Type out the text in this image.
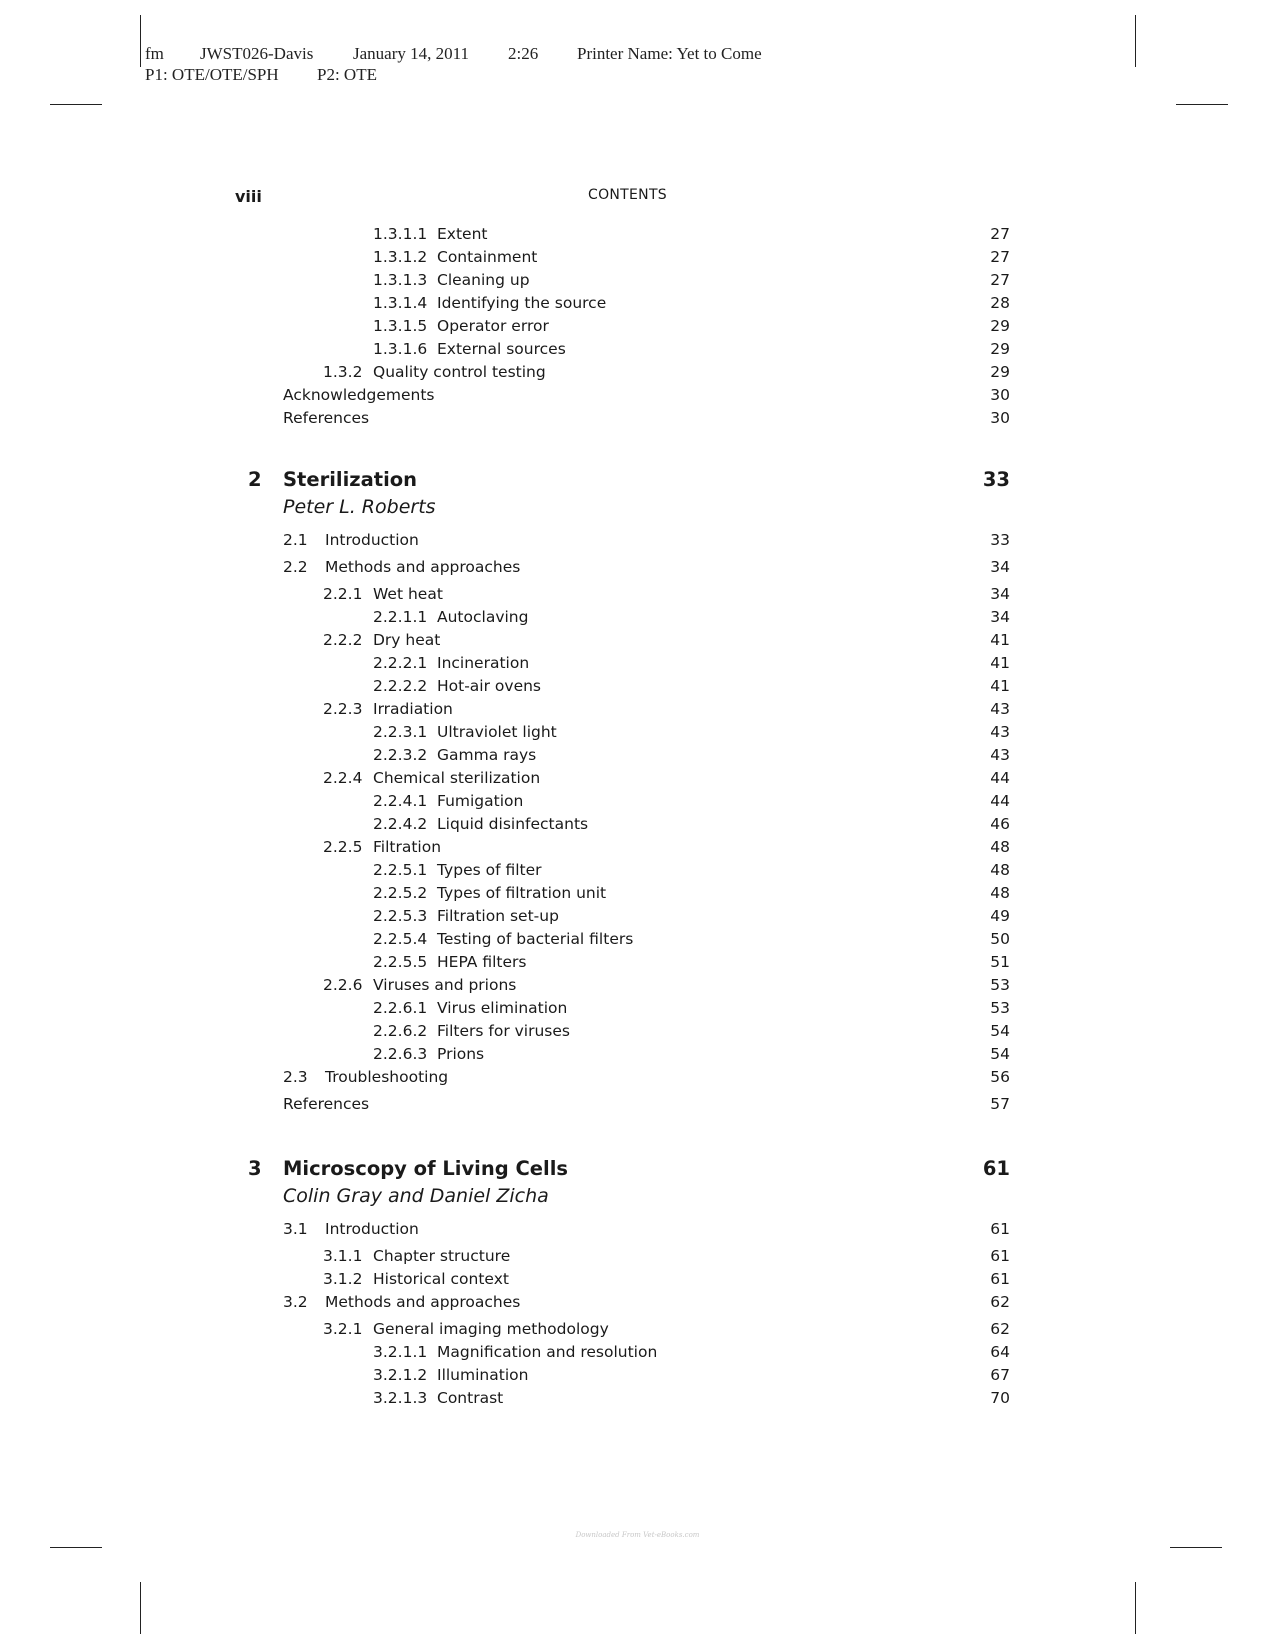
fm

JWST026-Davis

January 14, 2011

2:26

Printer Name: Yet to Come

P1: OTE/OTE/SPH

P2: OTE

viii	CONTENTS
1.3.1.1 Extent	27
1.3.1.2 Containment	27
1.3.1.3 Cleaning up	27
1.3.1.4 Identifying the source	28
1.3.1.5 Operator error	29
1.3.1.6 External sources	29
1.3.2 Quality control testing	29
Acknowledgements	30
References	30
2 Sterilization	33
Peter L. Roberts
2.1 Introduction	33
2.2 Methods and approaches	34
2.2.1 Wet heat	34
2.2.1.1 Autoclaving	34
2.2.2 Dry heat	41
2.2.2.1 Incineration	41
2.2.2.2 Hot-air ovens	41
2.2.3 Irradiation	43
2.2.3.1 Ultraviolet light	43
2.2.3.2 Gamma rays	43
2.2.4 Chemical sterilization	44
2.2.4.1 Fumigation	44
2.2.4.2 Liquid disinfectants	46
2.2.5 Filtration	48
2.2.5.1 Types of filter	48
2.2.5.2 Types of filtration unit	48
2.2.5.3 Filtration set-up	49
2.2.5.4 Testing of bacterial filters	50
2.2.5.5 HEPA filters	51
2.2.6 Viruses and prions	53
2.2.6.1 Virus elimination	53
2.2.6.2 Filters for viruses	54
2.2.6.3 Prions	54
2.3 Troubleshooting	56
References	57
3 Microscopy of Living Cells	61
Colin Gray and Daniel Zicha
3.1 Introduction	61
3.1.1 Chapter structure	61
3.1.2 Historical context	61
3.2 Methods and approaches	62
3.2.1 General imaging methodology	62
3.2.1.1 Magnification and resolution	64
3.2.1.2 Illumination	67
3.2.1.3 Contrast	70
Downloaded From Vet-eBooks.com
